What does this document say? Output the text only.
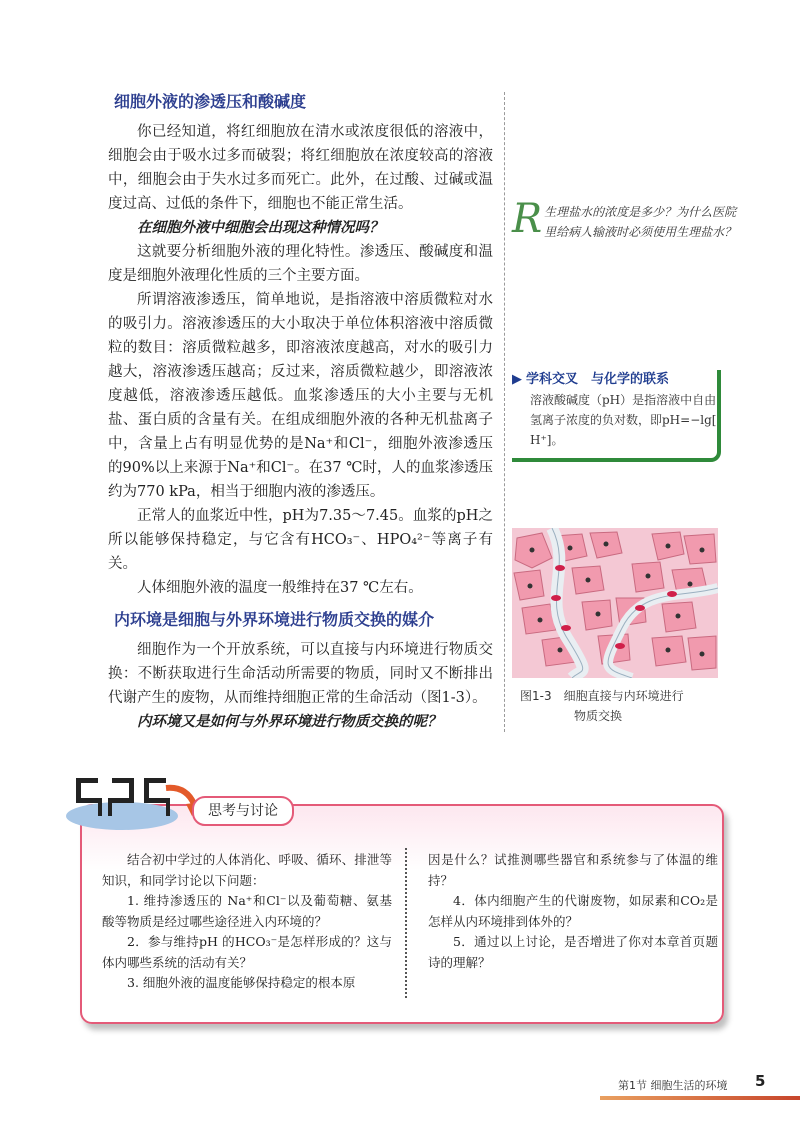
细胞外液的渗透压和酸碱度

你已经知道，将红细胞放在清水或浓度很低的溶液中，细胞会由于吸水过多而破裂；将红细胞放在浓度较高的溶液中，细胞会由于失水过多而死亡。此外，在过酸、过碱或温度过高、过低的条件下，细胞也不能正常生活。

在细胞外液中细胞会出现这种情况吗？

这就要分析细胞外液的理化特性。渗透压、酸碱度和温度是细胞外液理化性质的三个主要方面。

所谓溶液渗透压，简单地说，是指溶液中溶质微粒对水的吸引力。溶液渗透压的大小取决于单位体积溶液中溶质微粒的数目：溶质微粒越多，即溶液浓度越高，对水的吸引力越大，溶液渗透压越高；反过来，溶质微粒越少，即溶液浓度越低，溶液渗透压越低。血浆渗透压的大小主要与无机盐、蛋白质的含量有关。在组成细胞外液的各种无机盐离子中，含量上占有明显优势的是Na⁺和Cl⁻，细胞外液渗透压的90%以上来源于Na⁺和Cl⁻。在37 ℃时，人的血浆渗透压约为770 kPa，相当于细胞内液的渗透压。

正常人的血浆近中性，pH为7.35～7.45。血浆的pH之所以能够保持稳定，与它含有HCO₃⁻、HPO₄²⁻等离子有关。

人体细胞外液的温度一般维持在37 ℃左右。

内环境是细胞与外界环境进行物质交换的媒介

细胞作为一个开放系统，可以直接与内环境进行物质交换：不断获取进行生命活动所需要的物质，同时又不断排出代谢产生的废物，从而维持细胞正常的生命活动（图1-3）。

内环境又是如何与外界环境进行物质交换的呢？

R 生理盐水的浓度是多少？为什么医院里给病人输液时必须使用生理盐水？
▶ 学科交叉　与化学的联系
溶液酸碱度（pH）是指溶液中自由氢离子浓度的负对数，即pH=−lg[ H⁺]。
图1-3　细胞直接与内环境进行
物质交换
思考与讨论

结合初中学过的人体消化、呼吸、循环、排泄等知识，和同学讨论以下问题：

1. 维持渗透压的 Na⁺和Cl⁻以及葡萄糖、氨基酸等物质是经过哪些途径进入内环境的？

2．参与维持pH 的HCO₃⁻是怎样形成的？这与体内哪些系统的活动有关？

3. 细胞外液的温度能够保持稳定的根本原

因是什么？试推测哪些器官和系统参与了体温的维持？

4．体内细胞产生的代谢废物，如尿素和CO₂是怎样从内环境排到体外的？

5．通过以上讨论，是否增进了你对本章首页题诗的理解？

第1节 细胞生活的环境 5
